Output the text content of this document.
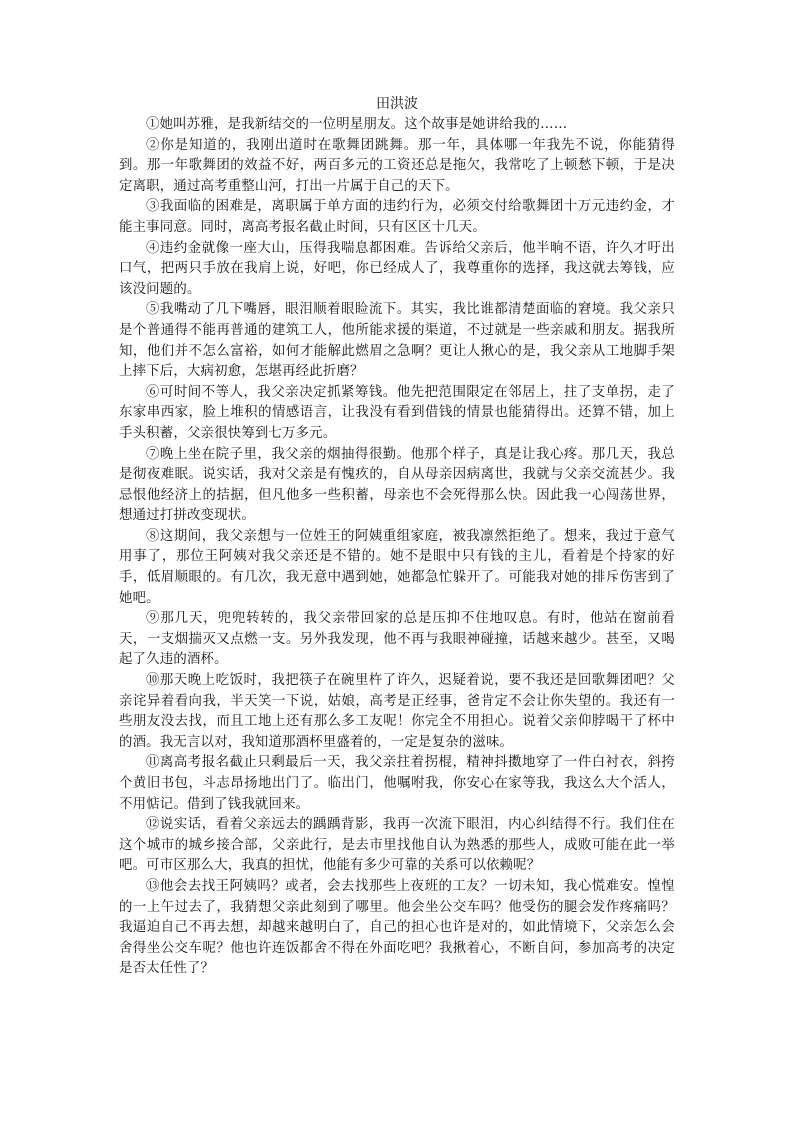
田洪波

①她叫苏雅，是我新结交的一位明星朋友。这个故事是她讲给我的……

②你是知道的，我刚出道时在歌舞团跳舞。那一年，具体哪一年我先不说，你能猜得到。那一年歌舞团的效益不好，两百多元的工资还总是拖欠，我常吃了上顿愁下顿，于是决定离职，通过高考重整山河，打出一片属于自己的天下。

③我面临的困难是，离职属于单方面的违约行为，必须交付给歌舞团十万元违约金，才能主事同意。同时，离高考报名截止时间，只有区区十几天。

④违约金就像一座大山，压得我喘息都困难。告诉给父亲后，他半晌不语，许久才吁出口气，把两只手放在我肩上说，好吧，你已经成人了，我尊重你的选择，我这就去筹钱，应该没问题的。

⑤我嘴动了几下嘴唇，眼泪顺着眼睑流下。其实，我比谁都清楚面临的窘境。我父亲只是个普通得不能再普通的建筑工人，他所能求援的渠道，不过就是一些亲戚和朋友。据我所知，他们并不怎么富裕，如何才能解此燃眉之急啊？更让人揪心的是，我父亲从工地脚手架上摔下后，大病初愈，怎堪再经此折磨？

⑥可时间不等人，我父亲决定抓紧筹钱。他先把范围限定在邻居上，拄了支单拐，走了东家串西家，脸上堆积的情感语言，让我没有看到借钱的情景也能猜得出。还算不错，加上手头积蓄，父亲很快筹到七万多元。

⑦晚上坐在院子里，我父亲的烟抽得很勤。他那个样子，真是让我心疼。那几天，我总是彻夜难眠。说实话，我对父亲是有愧疚的，自从母亲因病离世，我就与父亲交流甚少。我忌恨他经济上的拮据，但凡他多一些积蓄，母亲也不会死得那么快。因此我一心闯荡世界，想通过打拼改变现状。

⑧这期间，我父亲想与一位姓王的阿姨重组家庭，被我凛然拒绝了。想来，我过于意气用事了，那位王阿姨对我父亲还是不错的。她不是眼中只有钱的主儿，看着是个持家的好手，低眉顺眼的。有几次，我无意中遇到她，她都急忙躲开了。可能我对她的排斥伤害到了她吧。

⑨那几天，兜兜转转的，我父亲带回家的总是压抑不住地叹息。有时，他站在窗前看天，一支烟揣灭又点燃一支。另外我发现，他不再与我眼神碰撞，话越来越少。甚至，又喝起了久违的酒杯。

⑩那天晚上吃饭时，我把筷子在碗里杵了许久，迟疑着说，要不我还是回歌舞团吧？父亲诧异着看向我，半天笑一下说，姑娘，高考是正经事，爸肯定不会让你失望的。我还有一些朋友没去找，而且工地上还有那么多工友呢！你完全不用担心。说着父亲仰脖喝干了杯中的酒。我无言以对，我知道那酒杯里盛着的，一定是复杂的滋味。

⑪离高考报名截止只剩最后一天，我父亲拄着拐棍，精神抖擞地穿了一件白衬衣，斜挎个黄旧书包，斗志昂扬地出门了。临出门，他嘱咐我，你安心在家等我，我这么大个活人，不用惦记。借到了钱我就回来。

⑫说实话，看着父亲远去的踽踽背影，我再一次流下眼泪，内心纠结得不行。我们住在这个城市的城乡接合部，父亲此行，是去市里找他自认为熟悉的那些人，成败可能在此一举吧。可市区那么大，我真的担忧，他能有多少可靠的关系可以依赖呢？

⑬他会去找王阿姨吗？或者，会去找那些上夜班的工友？一切未知，我心慌难安。惶惶的一上午过去了，我猜想父亲此刻到了哪里。他会坐公交车吗？他受伤的腿会发作疼痛吗？我逼迫自己不再去想，却越来越明白了，自己的担心也许是对的，如此情境下，父亲怎么会舍得坐公交车呢？他也许连饭都舍不得在外面吃吧？我揪着心，不断自问，参加高考的决定是否太任性了？
